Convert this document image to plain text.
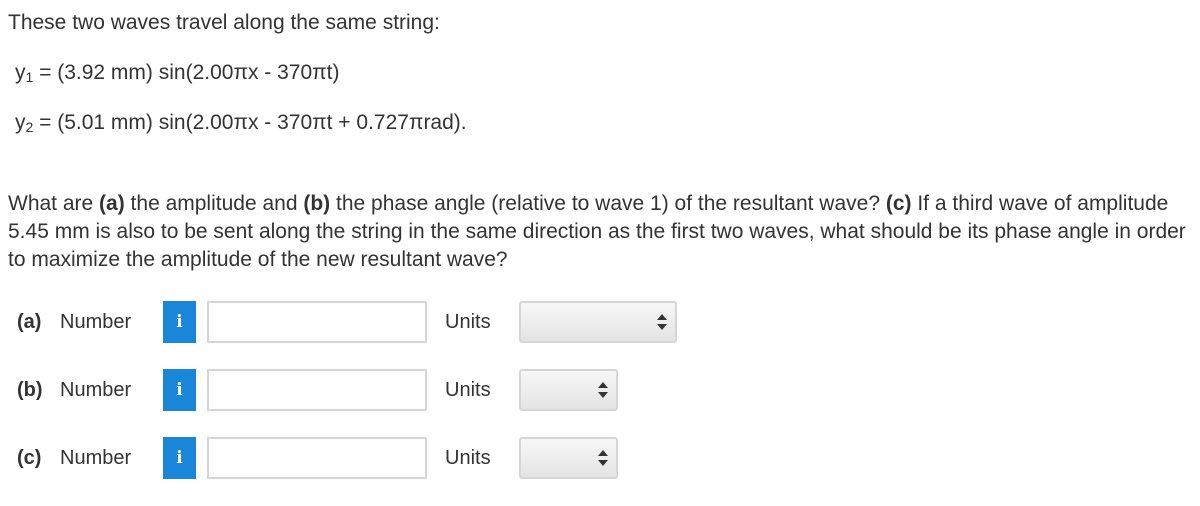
These two waves travel along the same string:
$y_1 = (3.92$ mm) sin(2.00πx - 370πt)
$y_2 = (5.01$ mm) sin(2.00πx - 370πt + 0.727πrad).
What are (a) the amplitude and (b) the phase angle (relative to wave 1) of the resultant wave? (c) If a third wave of amplitude 5.45 mm is also to be sent along the string in the same direction as the first two waves, what should be its phase angle in order to maximize the amplitude of the new resultant wave?
(a) Number	i	Units
(b) Number	i	Units
(c) Number	i	Units
